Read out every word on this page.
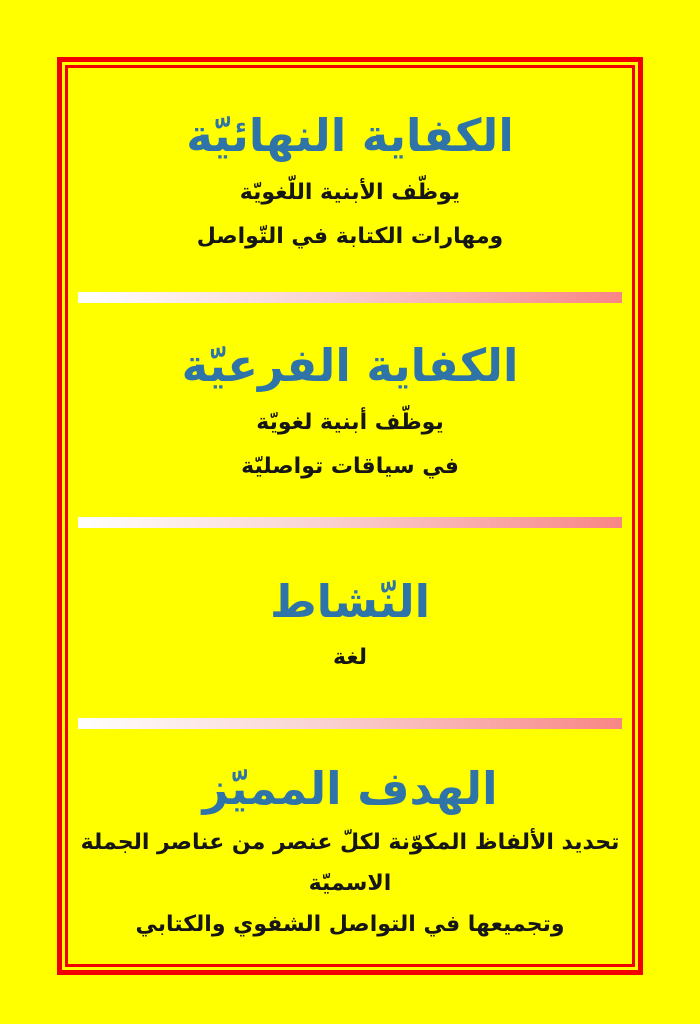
الكفاية النهائيّة
يوظّف الأبنية اللّغويّة
ومهارات الكتابة في التّواصل
الكفاية الفرعيّة
يوظّف أبنية لغويّة
في سياقات تواصليّة
النّشاط
لغة
الهدف المميّز
تحديد الألفاظ المكوّنة لكلّ عنصر من عناصر الجملة الاسميّة
وتجميعها في التواصل الشفوي والكتابي
